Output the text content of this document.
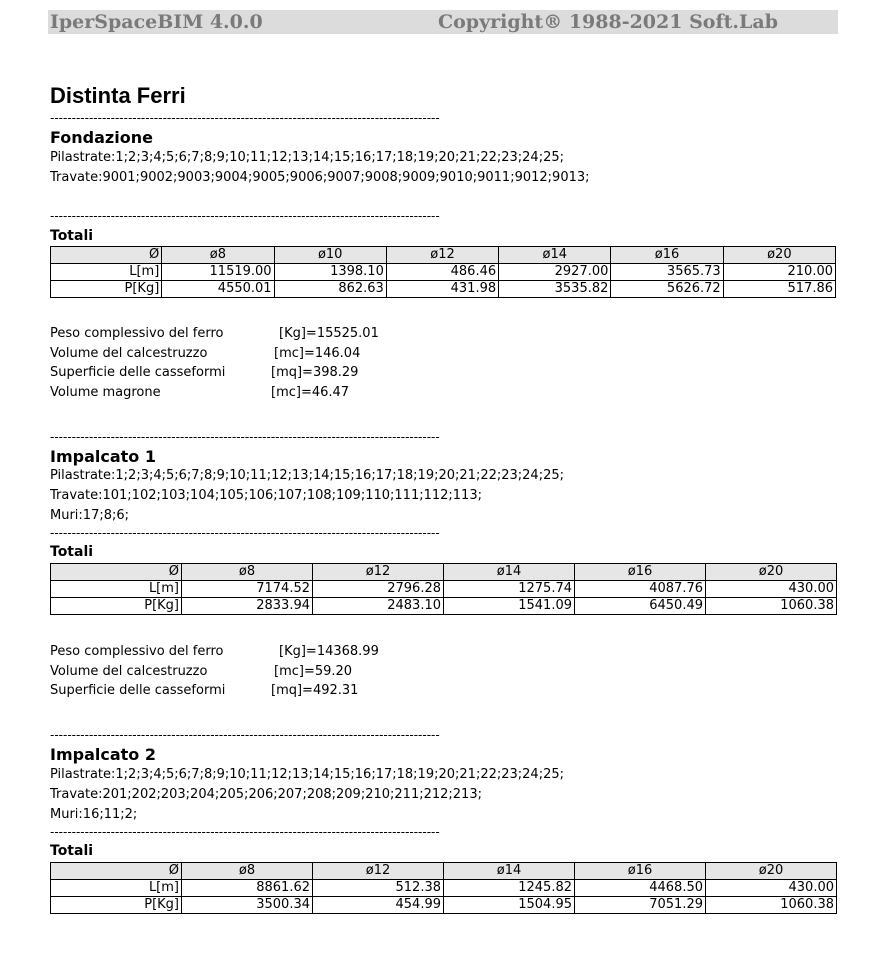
IperSpaceBIM 4.0.0	Copyright® 1988-2021 Soft.Lab
Distinta Ferri
------------------------------------------------------------------------------------------
Fondazione
Pilastrate:1;2;3;4;5;6;7;8;9;10;11;12;13;14;15;16;17;18;19;20;21;22;23;24;25;
Travate:9001;9002;9003;9004;9005;9006;9007;9008;9009;9010;9011;9012;9013;
------------------------------------------------------------------------------------------
Totali
Ø	ø8	ø10	ø12	ø14	ø16	ø20
L[m]	11519.00	1398.10	486.46	2927.00	3565.73	210.00
P[Kg]	4550.01	862.63	431.98	3535.82	5626.72	517.86
Peso complessivo del ferro	[Kg]=15525.01
Volume del calcestruzzo	[mc]=146.04
Superficie delle casseformi	[mq]=398.29
Volume magrone	[mc]=46.47
------------------------------------------------------------------------------------------
Impalcato 1
Pilastrate:1;2;3;4;5;6;7;8;9;10;11;12;13;14;15;16;17;18;19;20;21;22;23;24;25;
Travate:101;102;103;104;105;106;107;108;109;110;111;112;113;
Muri:17;8;6;
------------------------------------------------------------------------------------------
Totali
Ø	ø8	ø12	ø14	ø16	ø20
L[m]	7174.52	2796.28	1275.74	4087.76	430.00
P[Kg]	2833.94	2483.10	1541.09	6450.49	1060.38
Peso complessivo del ferro	[Kg]=14368.99
Volume del calcestruzzo	[mc]=59.20
Superficie delle casseformi	[mq]=492.31
------------------------------------------------------------------------------------------
Impalcato 2
Pilastrate:1;2;3;4;5;6;7;8;9;10;11;12;13;14;15;16;17;18;19;20;21;22;23;24;25;
Travate:201;202;203;204;205;206;207;208;209;210;211;212;213;
Muri:16;11;2;
------------------------------------------------------------------------------------------
Totali
Ø	ø8	ø12	ø14	ø16	ø20
L[m]	8861.62	512.38	1245.82	4468.50	430.00
P[Kg]	3500.34	454.99	1504.95	7051.29	1060.38
